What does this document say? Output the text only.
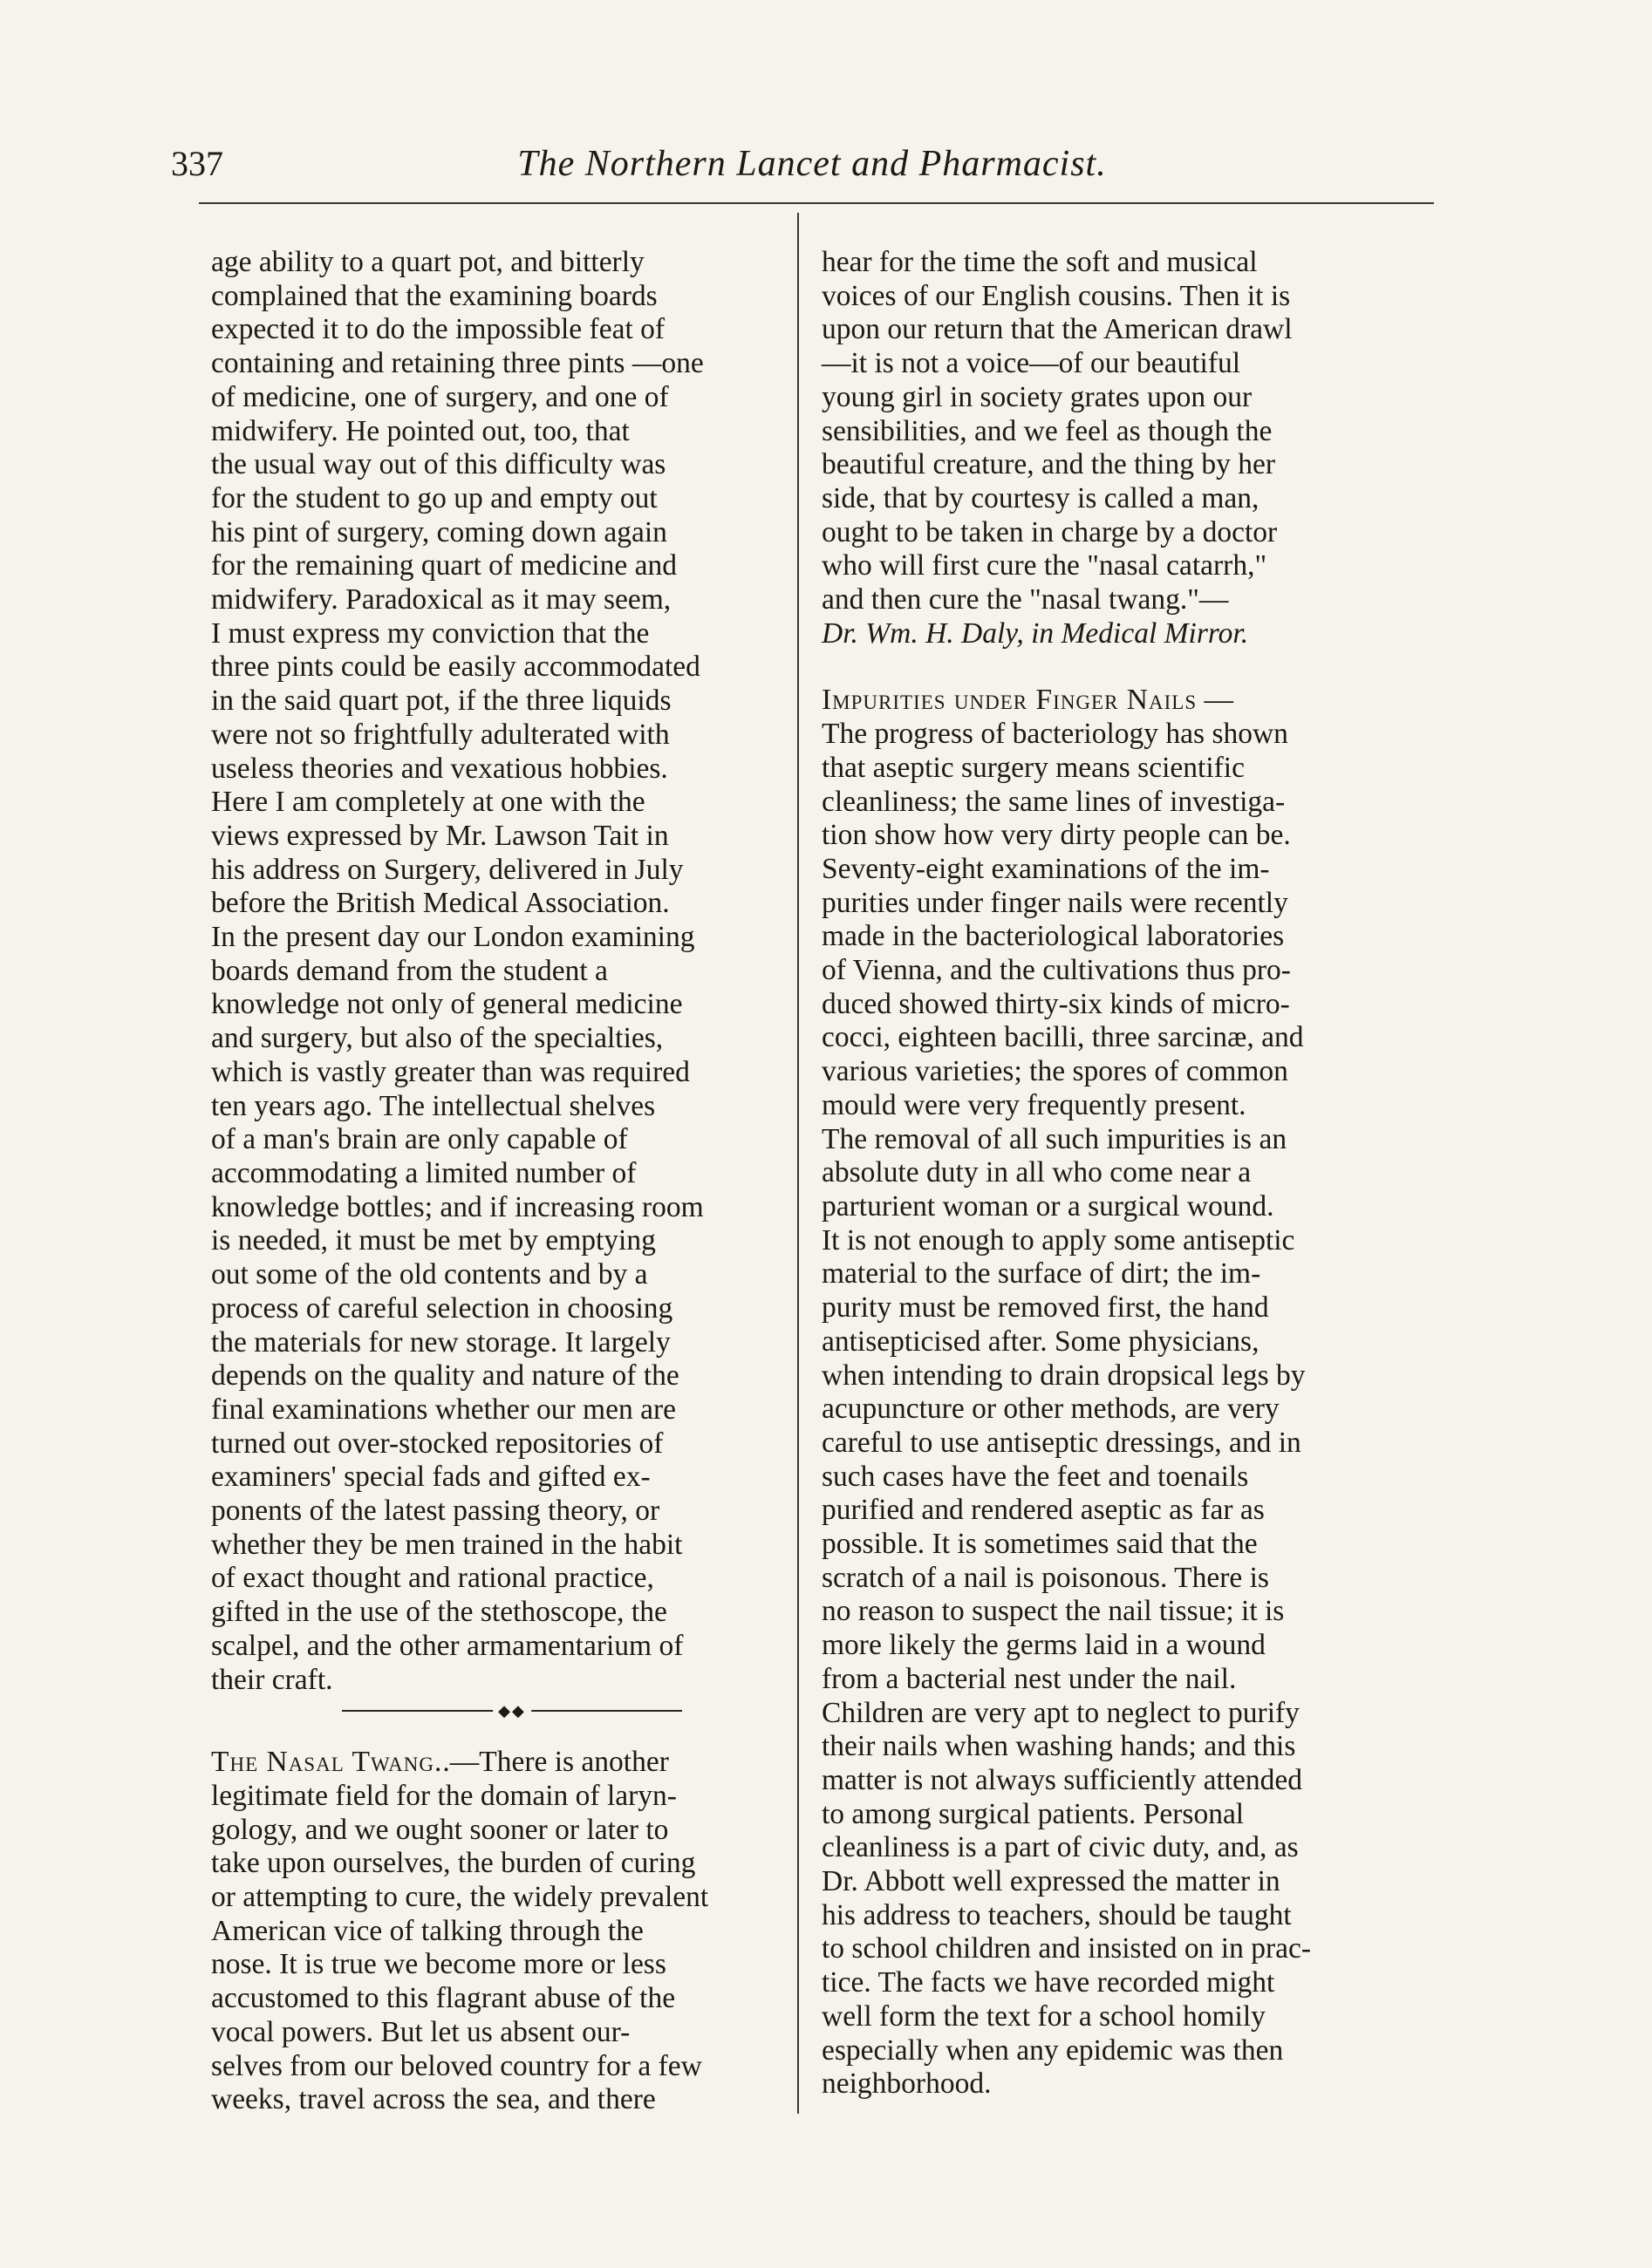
337	The Northern Lancet and Pharmacist.
age ability to a quart pot, and bitterly
complained that the examining boards
expected it to do the impossible feat of
containing and retaining three pints —one
of medicine, one of surgery, and one of
midwifery. He pointed out, too, that
the usual way out of this difficulty was
for the student to go up and empty out
his pint of surgery, coming down again
for the remaining quart of medicine and
midwifery. Paradoxical as it may seem,
I must express my conviction that the
three pints could be easily accommodated
in the said quart pot, if the three liquids
were not so frightfully adulterated with
useless theories and vexatious hobbies.
Here I am completely at one with the
views expressed by Mr. Lawson Tait in
his address on Surgery, delivered in July
before the British Medical Association.
In the present day our London examining
boards demand from the student a
knowledge not only of general medicine
and surgery, but also of the specialties,
which is vastly greater than was required
ten years ago. The intellectual shelves
of a man's brain are only capable of
accommodating a limited number of
knowledge bottles; and if increasing room
is needed, it must be met by emptying
out some of the old contents and by a
process of careful selection in choosing
the materials for new storage. It largely
depends on the quality and nature of the
final examinations whether our men are
turned out over-stocked repositories of
examiners' special fads and gifted ex-
ponents of the latest passing theory, or
whether they be men trained in the habit
of exact thought and rational practice,
gifted in the use of the stethoscope, the
scalpel, and the other armamentarium of
their craft.
◆◆
The Nasal Twang..—There is another
legitimate field for the domain of laryn-
gology, and we ought sooner or later to
take upon ourselves, the burden of curing
or attempting to cure, the widely prevalent
American vice of talking through the
nose. It is true we become more or less
accustomed to this flagrant abuse of the
vocal powers. But let us absent our-
selves from our beloved country for a few
weeks, travel across the sea, and there
hear for the time the soft and musical
voices of our English cousins. Then it is
upon our return that the American drawl
—it is not a voice—of our beautiful
young girl in society grates upon our
sensibilities, and we feel as though the
beautiful creature, and the thing by her
side, that by courtesy is called a man,
ought to be taken in charge by a doctor
who will first cure the "nasal catarrh,"
and then cure the "nasal twang."—
Dr. Wm. H. Daly, in Medical Mirror.
Impurities under Finger Nails —
The progress of bacteriology has shown
that aseptic surgery means scientific
cleanliness; the same lines of investiga-
tion show how very dirty people can be.
Seventy-eight examinations of the im-
purities under finger nails were recently
made in the bacteriological laboratories
of Vienna, and the cultivations thus pro-
duced showed thirty-six kinds of micro-
cocci, eighteen bacilli, three sarcinæ, and
various varieties; the spores of common
mould were very frequently present.
The removal of all such impurities is an
absolute duty in all who come near a
parturient woman or a surgical wound.
It is not enough to apply some antiseptic
material to the surface of dirt; the im-
purity must be removed first, the hand
antisepticised after. Some physicians,
when intending to drain dropsical legs by
acupuncture or other methods, are very
careful to use antiseptic dressings, and in
such cases have the feet and toenails
purified and rendered aseptic as far as
possible. It is sometimes said that the
scratch of a nail is poisonous. There is
no reason to suspect the nail tissue; it is
more likely the germs laid in a wound
from a bacterial nest under the nail.
Children are very apt to neglect to purify
their nails when washing hands; and this
matter is not always sufficiently attended
to among surgical patients. Personal
cleanliness is a part of civic duty, and, as
Dr. Abbott well expressed the matter in
his address to teachers, should be taught
to school children and insisted on in prac-
tice. The facts we have recorded might
well form the text for a school homily
especially when any epidemic was then
neighborhood.
